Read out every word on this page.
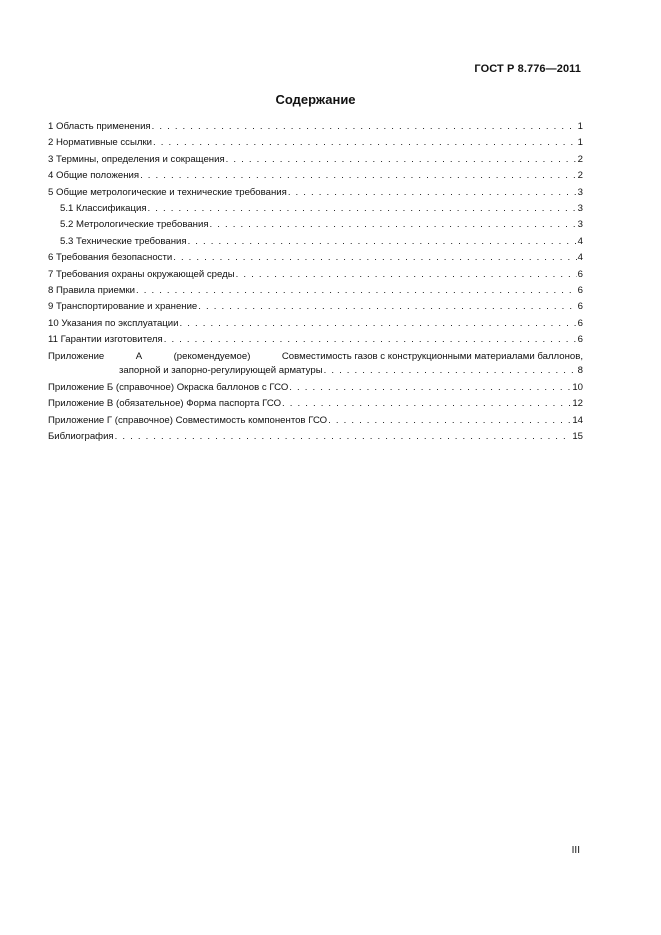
ГОСТ Р 8.776—2011
Содержание
1 Область применения . . .	1
2 Нормативные ссылки . . .	1
3 Термины, определения и сокращения . . .	2
4 Общие положения . . .	2
5 Общие метрологические и технические требования . . .	3
5.1 Классификация . . .	3
5.2 Метрологические требования . . .	3
5.3 Технические требования . . .	4
6 Требования безопасности . . .	4
7 Требования охраны окружающей среды . . .	6
8 Правила приемки . . .	6
9 Транспортирование и хранение . . .	6
10 Указания по эксплуатации . . .	6
11 Гарантии изготовителя . . .	6
Приложение	А	(рекомендуемое)	Совместимость газов с конструкционными материалами баллонов,
запорной и запорно-регулирующей арматуры . . .	8
Приложение Б (справочное) Окраска баллонов с ГСО . . .	10
Приложение В (обязательное) Форма паспорта ГСО . . .	12
Приложение Г (справочное) Совместимость компонентов ГСО . . .	14
Библиография . . .	15
III
